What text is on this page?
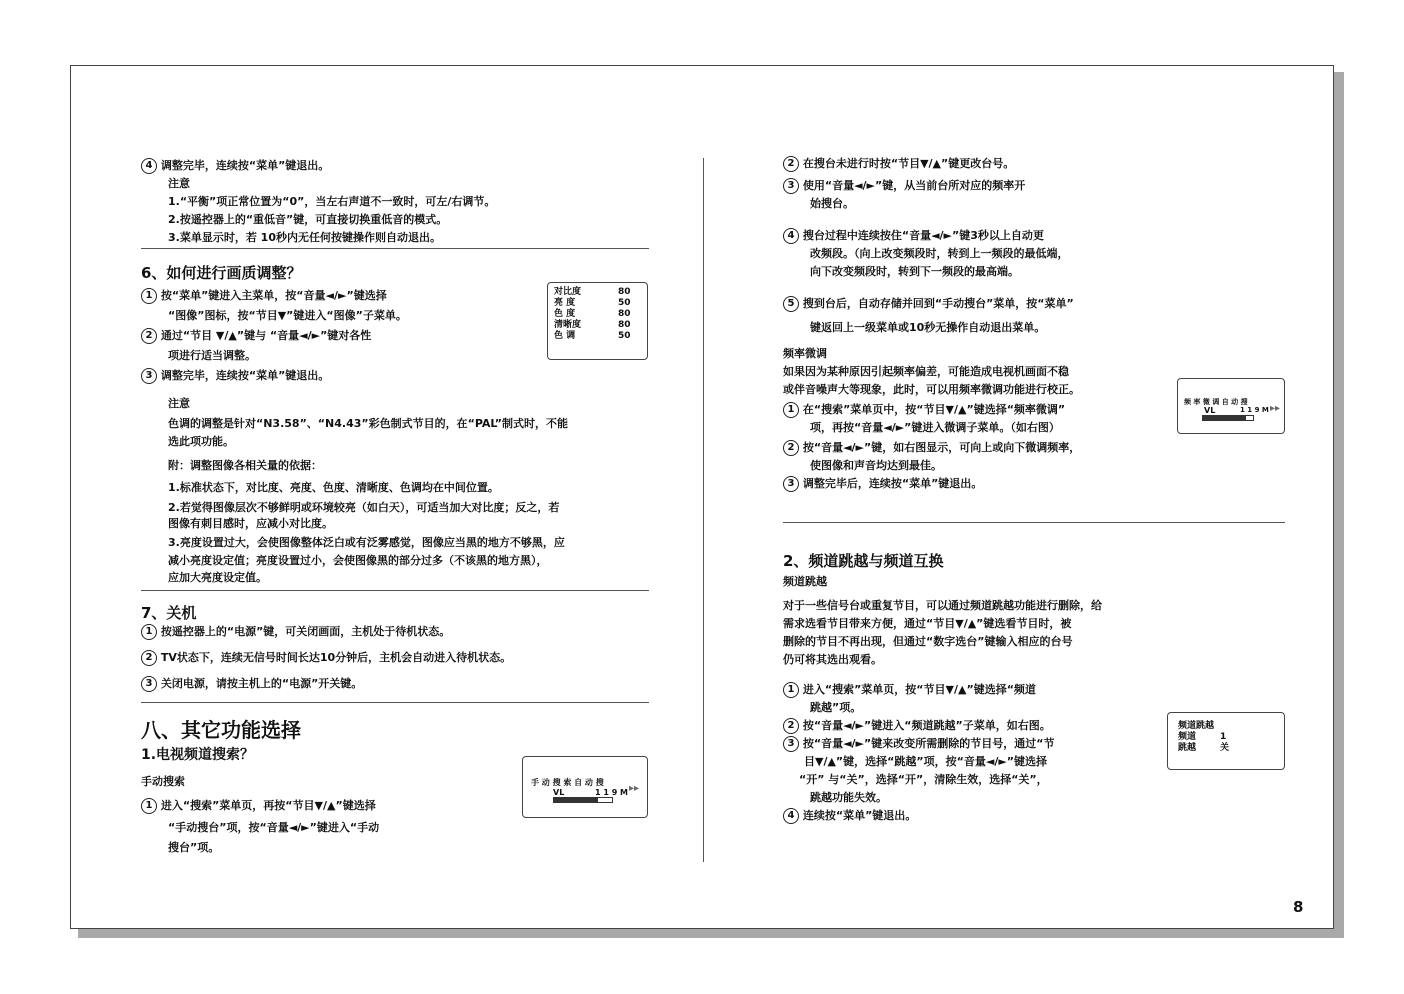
4 调整完毕，连续按“菜单”键退出。
注意
1.“平衡”项正常位置为“0”，当左右声道不一致时，可左/右调节。
2.按遥控器上的“重低音”键，可直接切换重低音的模式。
3.菜单显示时，若 10秒内无任何按键操作则自动退出。
6、如何进行画质调整？
1 按“菜单”键进入主菜单，按“音量◄/►”键选择
“图像”图标，按“节目▼”键进入“图像”子菜单。
2 通过“节目 ▼/▲”键与 “音量◄/►”键对各性
项进行适当调整。
3 调整完毕，连续按“菜单”键退出。
对比度	80
亮 度	50
色 度	80
清晰度	80
色 调	50
注意
色调的调整是针对“N3.58”、“N4.43”彩色制式节目的，在“PAL”制式时，不能
选此项功能。
附：调整图像各相关量的依据：
1.标准状态下，对比度、亮度、色度、清晰度、色调均在中间位置。
2.若觉得图像层次不够鲜明或环境较亮（如白天），可适当加大对比度；反之，若
图像有刺目感时，应减小对比度。
3.亮度设置过大，会使图像整体泛白或有泛雾感觉，图像应当黑的地方不够黑，应
减小亮度设定值；亮度设置过小，会使图像黑的部分过多（不该黑的地方黑），
应加大亮度设定值。
7、关机
1 按遥控器上的“电源”键，可关闭画面，主机处于待机状态。
2 TV状态下，连续无信号时间长达10分钟后，主机会自动进入待机状态。
3 关闭电源，请按主机上的“电源”开关键。
八、其它功能选择
1.电视频道搜索？
手动搜索
1 进入“搜索”菜单页，再按“节目▼/▲”键选择
“手动搜台”项，按“音量◄/►”键进入“手动
搜台”项。
手 动 搜 索 自 动 搜
VL	1 1 9 M ▸▸
2 在搜台未进行时按“节目▼/▲”键更改台号。
3 使用“音量◄/►”键，从当前台所对应的频率开
始搜台。
4 搜台过程中连续按住“音量◄/►”键3秒以上自动更
改频段。（向上改变频段时，转到上一频段的最低端，
向下改变频段时，转到下一频段的最高端。
5 搜到台后，自动存储并回到“手动搜台”菜单，按“菜单”
键返回上一级菜单或10秒无操作自动退出菜单。
频率微调
如果因为某种原因引起频率偏差，可能造成电视机画面不稳
或伴音噪声大等现象，此时，可以用频率微调功能进行校正。
1 在“搜索”菜单页中，按“节目▼/▲”键选择“频率微调”
项，再按“音量◄/►”键进入微调子菜单。（如右图）
2 按“音量◄/►”键，如右图显示，可向上或向下微调频率，
使图像和声音均达到最佳。
3 调整完毕后，连续按“菜单”键退出。
频 率 微 调 自 动 搜
VL	1 1 9 M ▸▸
2、频道跳越与频道互换
频道跳越
对于一些信号台或重复节目，可以通过频道跳越功能进行删除，给
需求选看节目带来方便，通过“节目▼/▲”键选看节目时，被
删除的节目不再出现，但通过“数字选台”键输入相应的台号
仍可将其选出观看。
1 进入“搜索”菜单页，按“节目▼/▲”键选择“频道
跳越”项。
2 按“音量◄/►”键进入“频道跳越”子菜单，如右图。
3 按“音量◄/►”键来改变所需删除的节目号，通过“节
目▼/▲”键，选择“跳越”项，按“音量◄/►”键选择
“开” 与“关”，选择“开”，清除生效，选择“关”，
跳越功能失效。
4 连续按“菜单”键退出。
频道跳越
频道	1
跳越	关
8
